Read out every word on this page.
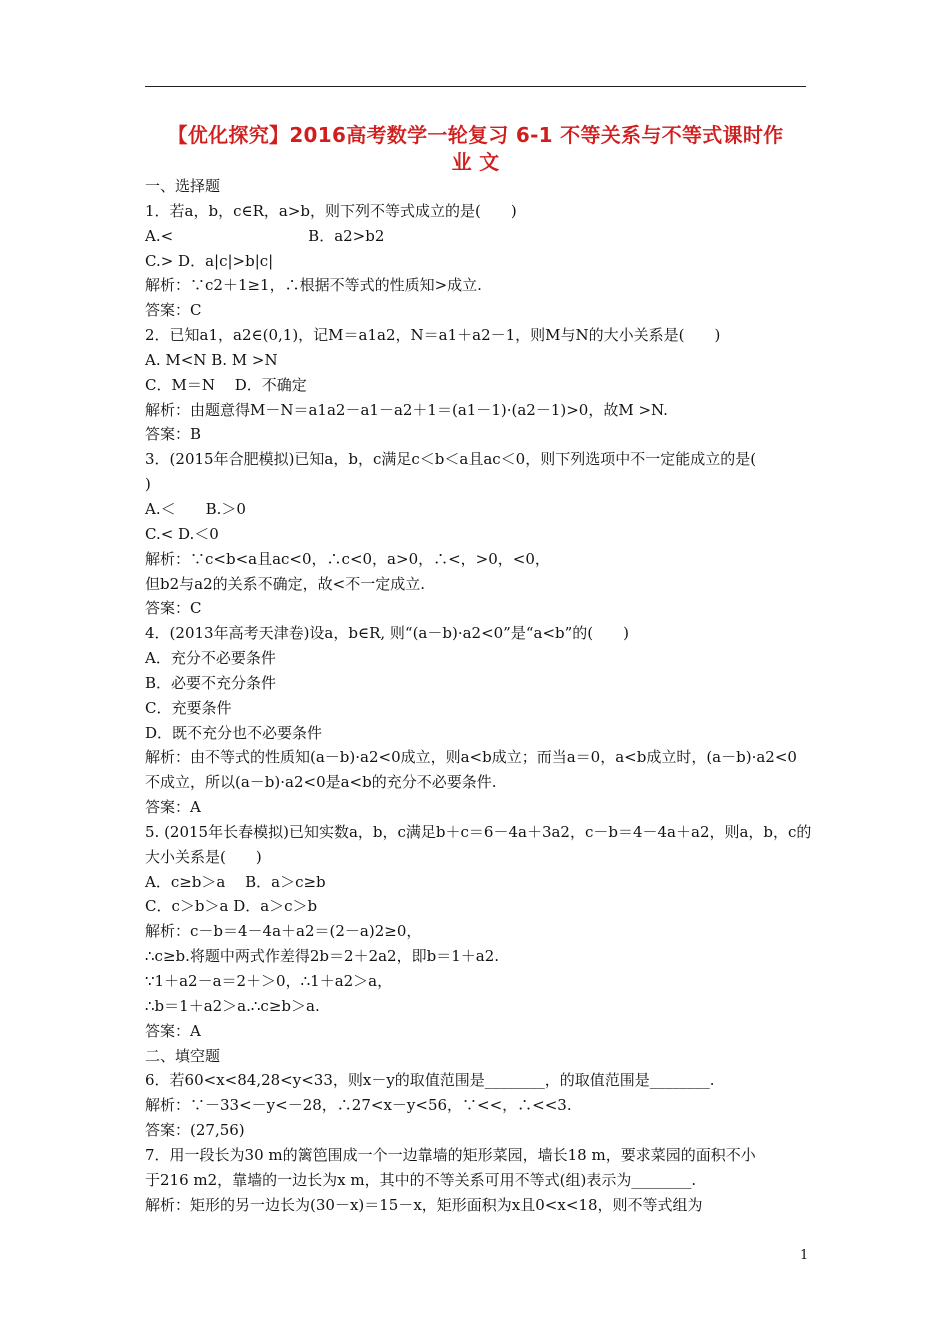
【优化探究】2016高考数学一轮复习 6-1 不等关系与不等式课时作
业 文
一、选择题
1．若a，b，c∈R，a>b，则下列不等式成立的是(　　)
A.<　　　　　　　　　B．a2>b2
C.> D．a|c|>b|c|
解析：∵c2＋1≥1，∴根据不等式的性质知>成立.
答案：C
2．已知a1，a2∈(0,1)，记M＝a1a2，N＝a1＋a2－1，则M与N的大小关系是(　　)
A. M<N B. M >N
C．M＝N　 D．不确定
解析：由题意得M－N＝a1a2－a1－a2＋1＝(a1－1)·(a2－1)>0，故M >N.
答案：B
3．(2015年合肥模拟)已知a，b，c满足c＜b＜a且ac＜0，则下列选项中不一定能成立的是(
)
A.＜　　B.＞0
C.< D.＜0
解析：∵c<b<a且ac<0，∴c<0，a>0，∴<，>0，<0，
但b2与a2的关系不确定，故<不一定成立.
答案：C
4．(2013年高考天津卷)设a，b∈R, 则“(a－b)·a2<0”是“a<b”的(　　)
A．充分不必要条件
B．必要不充分条件
C．充要条件
D．既不充分也不必要条件
解析：由不等式的性质知(a－b)·a2<0成立，则a<b成立；而当a＝0，a<b成立时，(a－b)·a2<0
不成立，所以(a－b)·a2<0是a<b的充分不必要条件.
答案：A
5. (2015年长春模拟)已知实数a，b，c满足b＋c＝6－4a＋3a2，c－b＝4－4a＋a2，则a，b，c的
大小关系是(　　)
A．c≥b＞a　 B．a＞c≥b
C．c＞b＞a D．a＞c＞b
解析：c－b＝4－4a＋a2＝(2－a)2≥0，
∴c≥b.将题中两式作差得2b＝2＋2a2，即b＝1＋a2.
∵1＋a2－a＝2＋＞0，∴1＋a2＞a，
∴b＝1＋a2＞a.∴c≥b＞a.
答案：A
二、填空题
6．若60<x<84,28<y<33，则x－y的取值范围是________，的取值范围是________.
解析：∵－33<－y<－28，∴27<x－y<56，∵<<，∴<<3.
答案：(27,56)
7．用一段长为30 m的篱笆围成一个一边靠墙的矩形菜园，墙长18 m，要求菜园的面积不小
于216 m2，靠墙的一边长为x m，其中的不等关系可用不等式(组)表示为________.
解析：矩形的另一边长为(30－x)＝15－x，矩形面积为x且0<x<18，则不等式组为
1
